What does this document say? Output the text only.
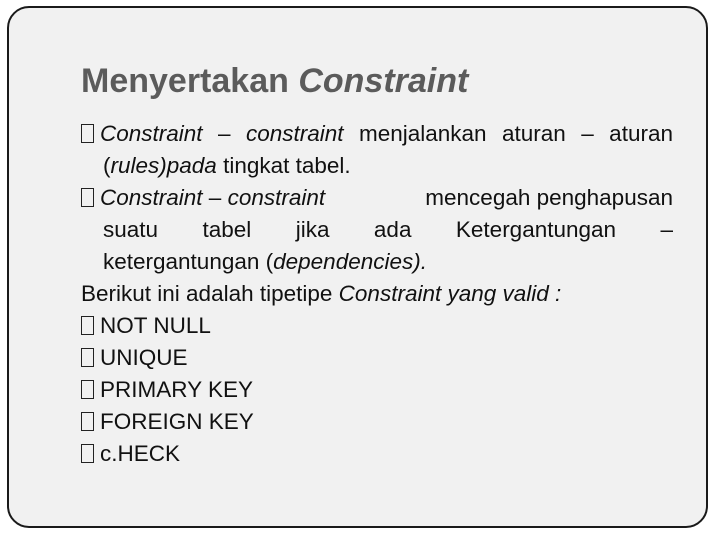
Menyertakan Constraint
Constraint – constraint menjalankan aturan – aturan (rules)pada tingkat tabel.
Constraint – constraint	mencegah penghapusan
suatu tabel jika ada Ketergantungan –
ketergantungan (dependencies).
Berikut ini adalah tipetipe Constraint yang valid :
NOT NULL
UNIQUE
PRIMARY KEY
FOREIGN KEY
c.HECK
